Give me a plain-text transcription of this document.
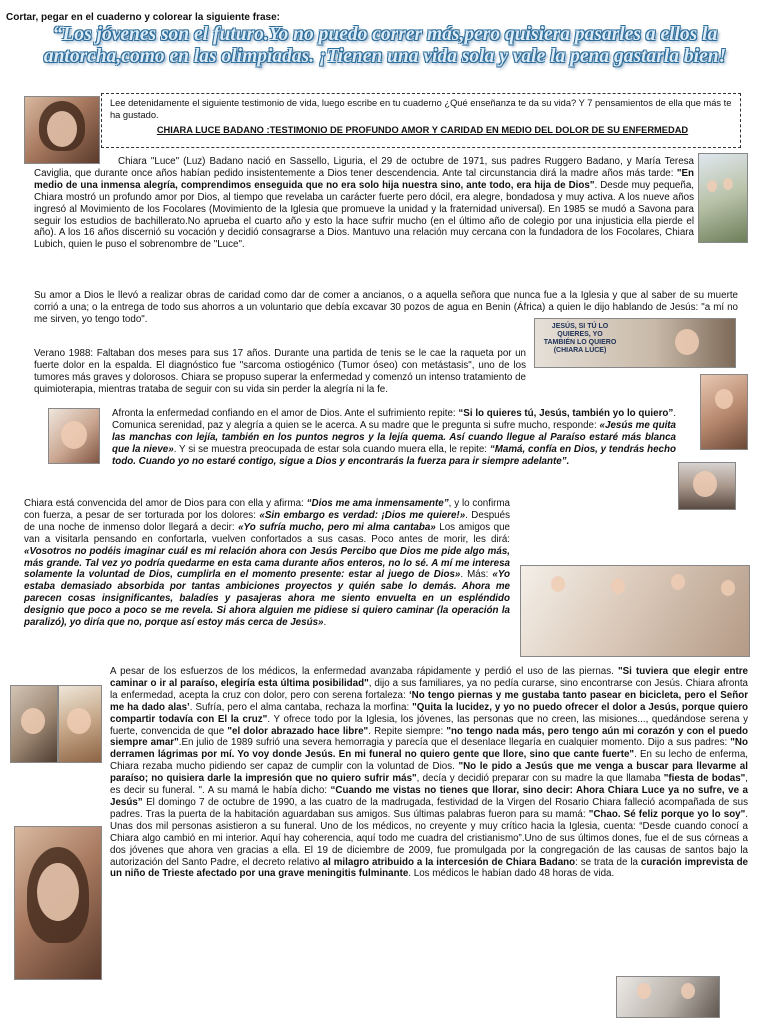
Cortar, pegar en el cuaderno y colorear la siguiente frase:
“Los jóvenes son el futuro.Yo no puedo correr más,pero quisiera pasarles a ellos la antorcha,como en las olimpiadas. ¡Tienen una vida sola y vale la pena gastarla bien!
Lee detenidamente el siguiente testimonio de vida, luego escribe en tu cuaderno ¿Qué enseñanza te da su vida? Y 7 pensamientos de ella que más te ha gustado.
CHIARA LUCE BADANO :TESTIMONIO DE PROFUNDO AMOR Y CARIDAD EN MEDIO DEL DOLOR DE SU ENFERMEDAD
JESÚS, SI TÚ LO QUIERES, YO TAMBIÉN LO QUIERO
(CHIARA LUCE)
Chiara "Luce" (Luz) Badano nació en Sassello, Liguria, el 29 de octubre de 1971, sus padres Ruggero Badano, y María Teresa Caviglia, que durante once años habían pedido insistentemente a Dios tener descendencia. Ante tal circunstancia dirá la madre años más tarde: "En medio de una inmensa alegría, comprendimos enseguida que no era solo hija nuestra sino, ante todo, era hija de Dios". Desde muy pequeña, Chiara mostró un profundo amor por Dios, al tiempo que revelaba un carácter fuerte pero dócil, era alegre, bondadosa y muy activa. A los nueve años ingresó al Movimiento de los Focolares (Movimiento de la Iglesia que promueve la unidad y la fraternidad universal). En 1985 se mudó a Savona para seguir los estudios de bachillerato.No aprueba el cuarto año y esto la hace sufrir mucho (en el último año de colegio por una injusticia ella pierde el año). A los 16 años discernió su vocación y decidió consagrarse a Dios. Mantuvo una relación muy cercana con la fundadora de los Focolares, Chiara Lubich, quien le puso el sobrenombre de "Luce".
Su amor a Dios le llevó a realizar obras de caridad como dar de comer a ancianos, o a aquella señora que nunca fue a la Iglesia y que al saber de su muerte corrió a una; o la entrega de todo sus ahorros a un voluntario que debía excavar 30 pozos de agua en Benin (África) a quien le dijo hablando de Jesús: "a mí no me sirven, yo tengo todo".
Verano 1988: Faltaban dos meses para sus 17 años. Durante una partida de tenis se le cae la raqueta por un fuerte dolor en la espalda. El diagnóstico fue "sarcoma ostiogénico (Tumor óseo) con metástasis", uno de los tumores más graves y dolorosos. Chiara se propuso superar la enfermedad y comenzó un intenso tratamiento de quimioterapia, mientras trataba de seguir con su vida sin perder la alegría ni la fe.
Afronta la enfermedad confiando en el amor de Dios. Ante el sufrimiento repite: “Si lo quieres tú, Jesús, también yo lo quiero”. Comunica serenidad, paz y alegría a quien se le acerca. A su madre que le pregunta si sufre mucho, responde: «Jesús me quita las manchas con lejía, también en los puntos negros y la lejía quema. Así cuando llegue al Paraíso estaré más blanca que la nieve». Y si se muestra preocupada de estar sola cuando muera ella, le repite: “Mamá, confía en Dios, y tendrás hecho todo. Cuando yo no estaré contigo, sigue a Dios y encontrarás la fuerza para ir siempre adelante”.
Chiara está convencida del amor de Dios para con ella y afirma: “Dios me ama inmensamente”, y lo confirma con fuerza, a pesar de ser torturada por los dolores: «Sin embargo es verdad: ¡Dios me quiere!». Después de una noche de inmenso dolor llegará a decir: «Yo sufría mucho, pero mi alma cantaba» Los amigos que van a visitarla pensando en confortarla, vuelven confortados a sus casas. Poco antes de morir, les dirá: «Vosotros no podéis imaginar cuál es mi relación ahora con Jesús Percibo que Dios me pide algo más, más grande. Tal vez yo podría quedarme en esta cama durante años enteros, no lo sé. A mí me interesa solamente la voluntad de Dios, cumplirla en el momento presente: estar al juego de Dios». Más: «Yo estaba demasiado absorbida por tantas ambiciones proyectos y quién sabe lo demás. Ahora me parecen cosas insignificantes, baladíes y pasajeras ahora me siento envuelta en un espléndido designio que poco a poco se me revela. Si ahora alguien me pidiese si quiero caminar (la operación la paralizó), yo diría que no, porque así estoy más cerca de Jesús».
A pesar de los esfuerzos de los médicos, la enfermedad avanzaba rápidamente y perdió el uso de las piernas. "Si tuviera que elegir entre caminar o ir al paraíso, elegiría esta última posibilidad", dijo a sus familiares, ya no pedía curarse, sino encontrarse con Jesús. Chiara afronta la enfermedad, acepta la cruz con dolor, pero con serena fortaleza: ‘No tengo piernas y me gustaba tanto pasear en bicicleta, pero el Señor me ha dado alas’. Sufría, pero el alma cantaba, rechaza la morfina: "Quita la lucidez, y yo no puedo ofrecer el dolor a Jesús, porque quiero compartir todavía con El la cruz". Y ofrece todo por la Iglesia, los jóvenes, las personas que no creen, las misiones..., quedándose serena y fuerte, convencida de que "el dolor abrazado hace libre". Repite siempre: "no tengo nada más, pero tengo aún mi corazón y con el puedo siempre amar".En julio de 1989 sufrió una severa hemorragia y parecía que el desenlace llegaría en cualquier momento. Dijo a sus padres: "No derramen lágrimas por mí. Yo voy donde Jesús. En mi funeral no quiero gente que llore, sino que cante fuerte". En su lecho de enferma, Chiara rezaba mucho pidiendo ser capaz de cumplir con la voluntad de Dios. "No le pido a Jesús que me venga a buscar para llevarme al paraíso; no quisiera darle la impresión que no quiero sufrir más", decía y decidió preparar con su madre la que llamaba "fiesta de bodas", es decir su funeral. ". A su mamá le había dicho: “Cuando me vistas no tienes que llorar, sino decir: Ahora Chiara Luce ya no sufre, ve a Jesús” El domingo 7 de octubre de 1990, a las cuatro de la madrugada, festividad de la Virgen del Rosario Chiara falleció acompañada de sus padres. Tras la puerta de la habitación aguardaban sus amigos. Sus últimas palabras fueron para su mamá: "Chao. Sé feliz porque yo lo soy". Unas dos mil personas asistieron a su funeral. Uno de los médicos, no creyente y muy crítico hacia la Iglesia, cuenta: “Desde cuando conocí a Chiara algo cambió en mi interior. Aquí hay coherencia, aquí todo me cuadra del cristianismo”.Uno de sus últimos dones, fue el de sus córneas a dos jóvenes que ahora ven gracias a ella. El 19 de diciembre de 2009, fue promulgada por la congregación de las causas de santos bajo la autorización del Santo Padre, el decreto relativo al milagro atribuido a la intercesión de Chiara Badano: se trata de la curación imprevista de un niño de Trieste afectado por una grave meningitis fulminante. Los médicos le habían dado 48 horas de vida.
